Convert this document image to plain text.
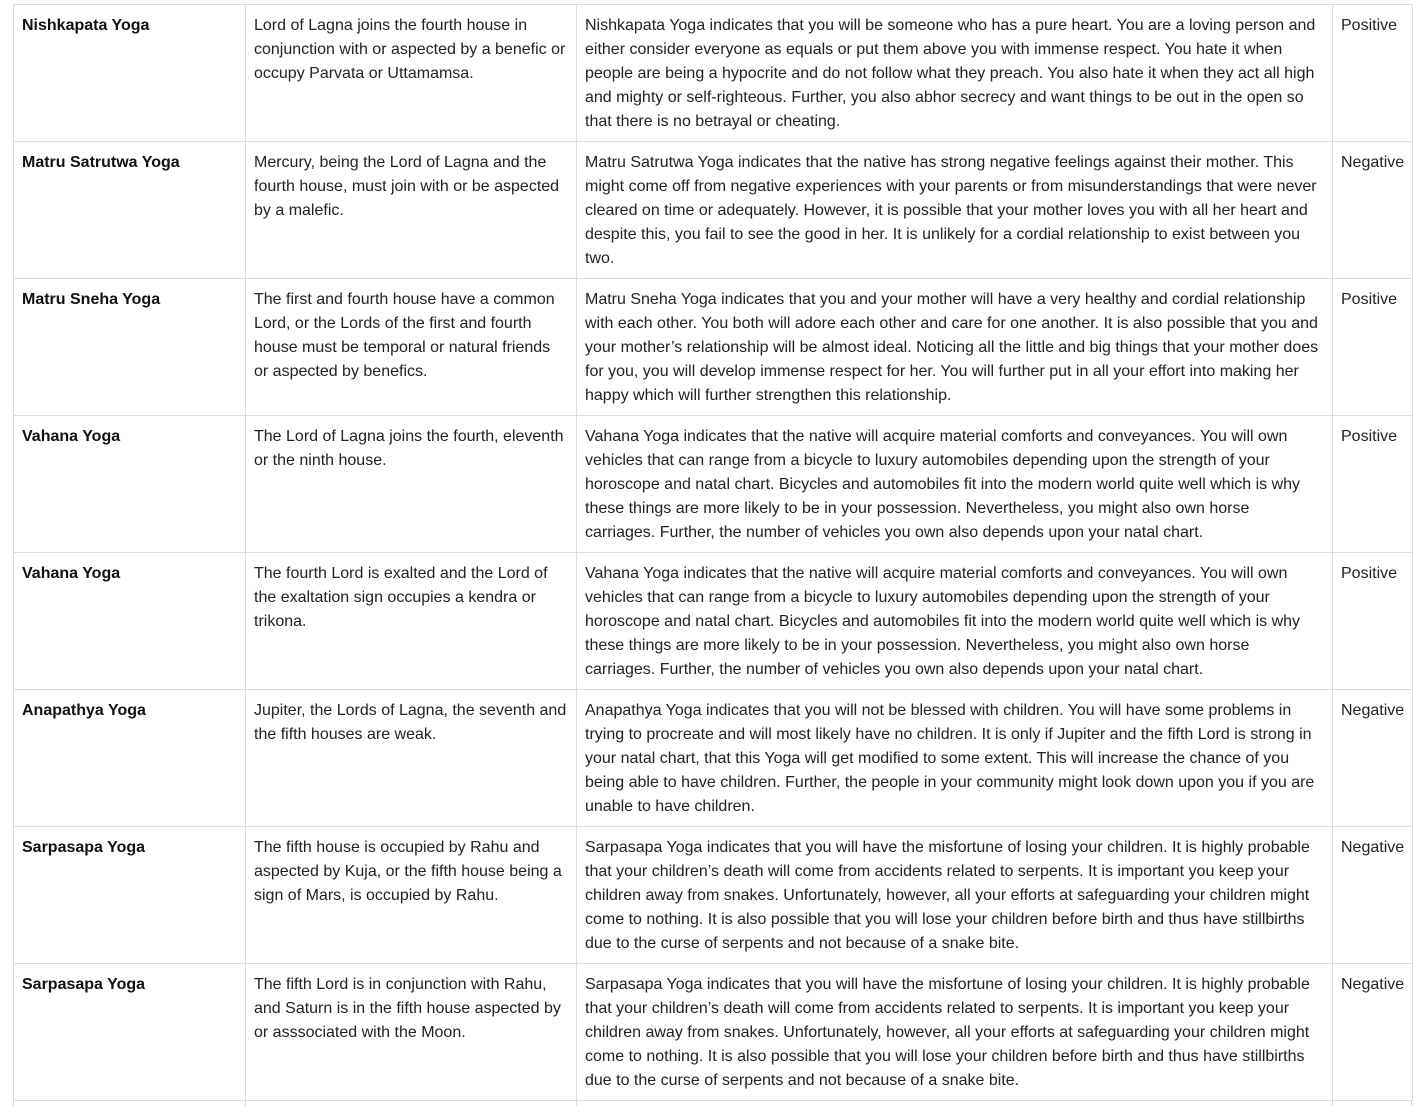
Nishkapata Yoga	Lord of Lagna joins the fourth house in conjunction with or aspected by a benefic or occupy Parvata or Uttamamsa.	Nishkapata Yoga indicates that you will be someone who has a pure heart. You are a loving person and either consider everyone as equals or put them above you with immense respect. You hate it when people are being a hypocrite and do not follow what they preach. You also hate it when they act all high and mighty or self-righteous. Further, you also abhor secrecy and want things to be out in the open so that there is no betrayal or cheating.	Positive
Matru Satrutwa Yoga	Mercury, being the Lord of Lagna and the fourth house, must join with or be aspected by a malefic.	Matru Satrutwa Yoga indicates that the native has strong negative feelings against their mother. This might come off from negative experiences with your parents or from misunderstandings that were never cleared on time or adequately. However, it is possible that your mother loves you with all her heart and despite this, you fail to see the good in her. It is unlikely for a cordial relationship to exist between you two.	Negative
Matru Sneha Yoga	The first and fourth house have a common Lord, or the Lords of the first and fourth house must be temporal or natural friends or aspected by benefics.	Matru Sneha Yoga indicates that you and your mother will have a very healthy and cordial relationship with each other. You both will adore each other and care for one another. It is also possible that you and your mother’s relationship will be almost ideal. Noticing all the little and big things that your mother does for you, you will develop immense respect for her. You will further put in all your effort into making her happy which will further strengthen this relationship.	Positive
Vahana Yoga	The Lord of Lagna joins the fourth, eleventh or the ninth house.	Vahana Yoga indicates that the native will acquire material comforts and conveyances. You will own vehicles that can range from a bicycle to luxury automobiles depending upon the strength of your horoscope and natal chart. Bicycles and automobiles fit into the modern world quite well which is why these things are more likely to be in your possession. Nevertheless, you might also own horse carriages. Further, the number of vehicles you own also depends upon your natal chart.	Positive
Vahana Yoga	The fourth Lord is exalted and the Lord of the exaltation sign occupies a kendra or trikona.	Vahana Yoga indicates that the native will acquire material comforts and conveyances. You will own vehicles that can range from a bicycle to luxury automobiles depending upon the strength of your horoscope and natal chart. Bicycles and automobiles fit into the modern world quite well which is why these things are more likely to be in your possession. Nevertheless, you might also own horse carriages. Further, the number of vehicles you own also depends upon your natal chart.	Positive
Anapathya Yoga	Jupiter, the Lords of Lagna, the seventh and the fifth houses are weak.	Anapathya Yoga indicates that you will not be blessed with children. You will have some problems in trying to procreate and will most likely have no children. It is only if Jupiter and the fifth Lord is strong in your natal chart, that this Yoga will get modified to some extent. This will increase the chance of you being able to have children. Further, the people in your community might look down upon you if you are unable to have children.	Negative
Sarpasapa Yoga	The fifth house is occupied by Rahu and aspected by Kuja, or the fifth house being a sign of Mars, is occupied by Rahu.	Sarpasapa Yoga indicates that you will have the misfortune of losing your children. It is highly probable that your children’s death will come from accidents related to serpents. It is important you keep your children away from snakes. Unfortunately, however, all your efforts at safeguarding your children might come to nothing. It is also possible that you will lose your children before birth and thus have stillbirths due to the curse of serpents and not because of a snake bite.	Negative
Sarpasapa Yoga	The fifth Lord is in conjunction with Rahu, and Saturn is in the fifth house aspected by or asssociated with the Moon.	Sarpasapa Yoga indicates that you will have the misfortune of losing your children. It is highly probable that your children’s death will come from accidents related to serpents. It is important you keep your children away from snakes. Unfortunately, however, all your efforts at safeguarding your children might come to nothing. It is also possible that you will lose your children before birth and thus have stillbirths due to the curse of serpents and not because of a snake bite.	Negative
